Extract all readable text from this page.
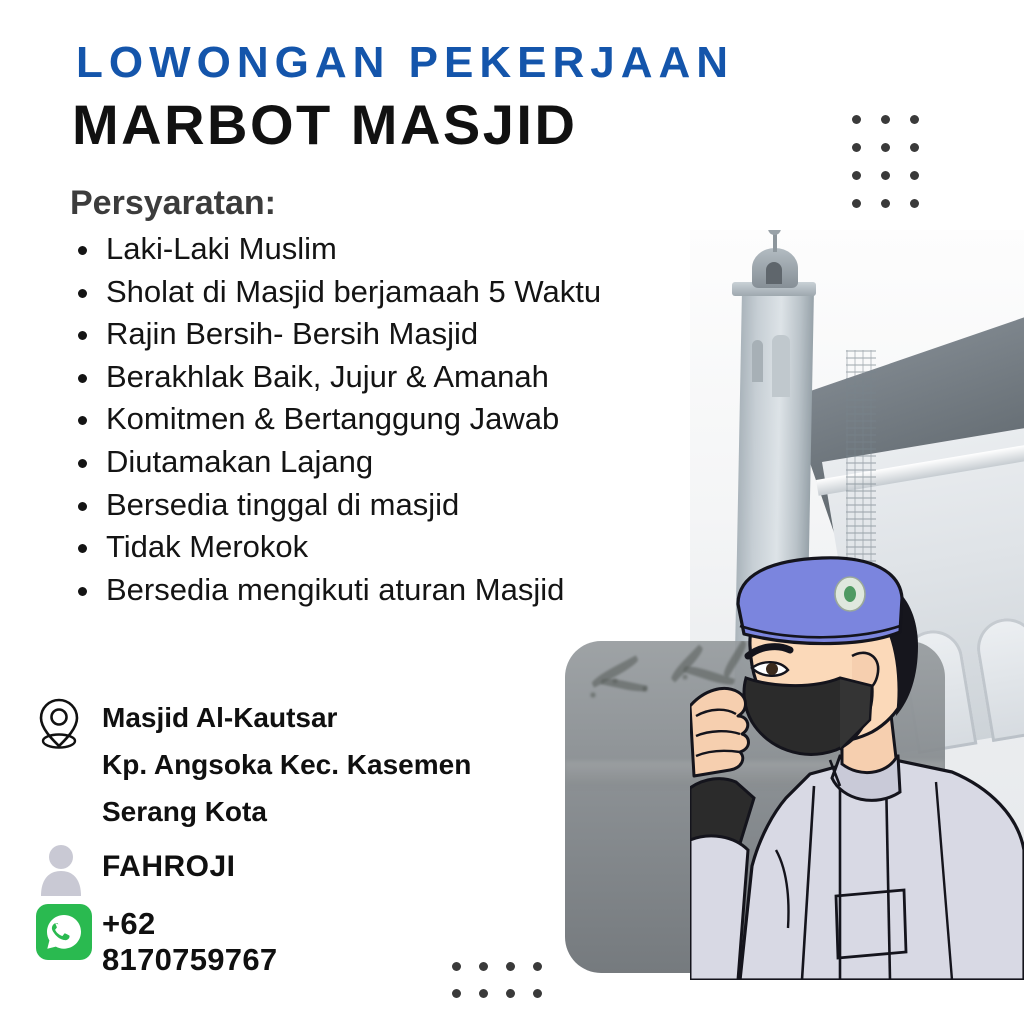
LOWONGAN PEKERJAAN
MARBOT MASJID
Persyaratan:
Laki-Laki Muslim
Sholat di Masjid berjamaah 5 Waktu
Rajin Bersih- Bersih Masjid
Berakhlak Baik, Jujur & Amanah
Komitmen & Bertanggung Jawab
Diutamakan Lajang
Bersedia tinggal di masjid
Tidak Merokok
Bersedia mengikuti aturan Masjid
Masjid Al-Kautsar
Kp. Angsoka Kec. Kasemen
Serang Kota
FAHROJI
+62 8170759767
